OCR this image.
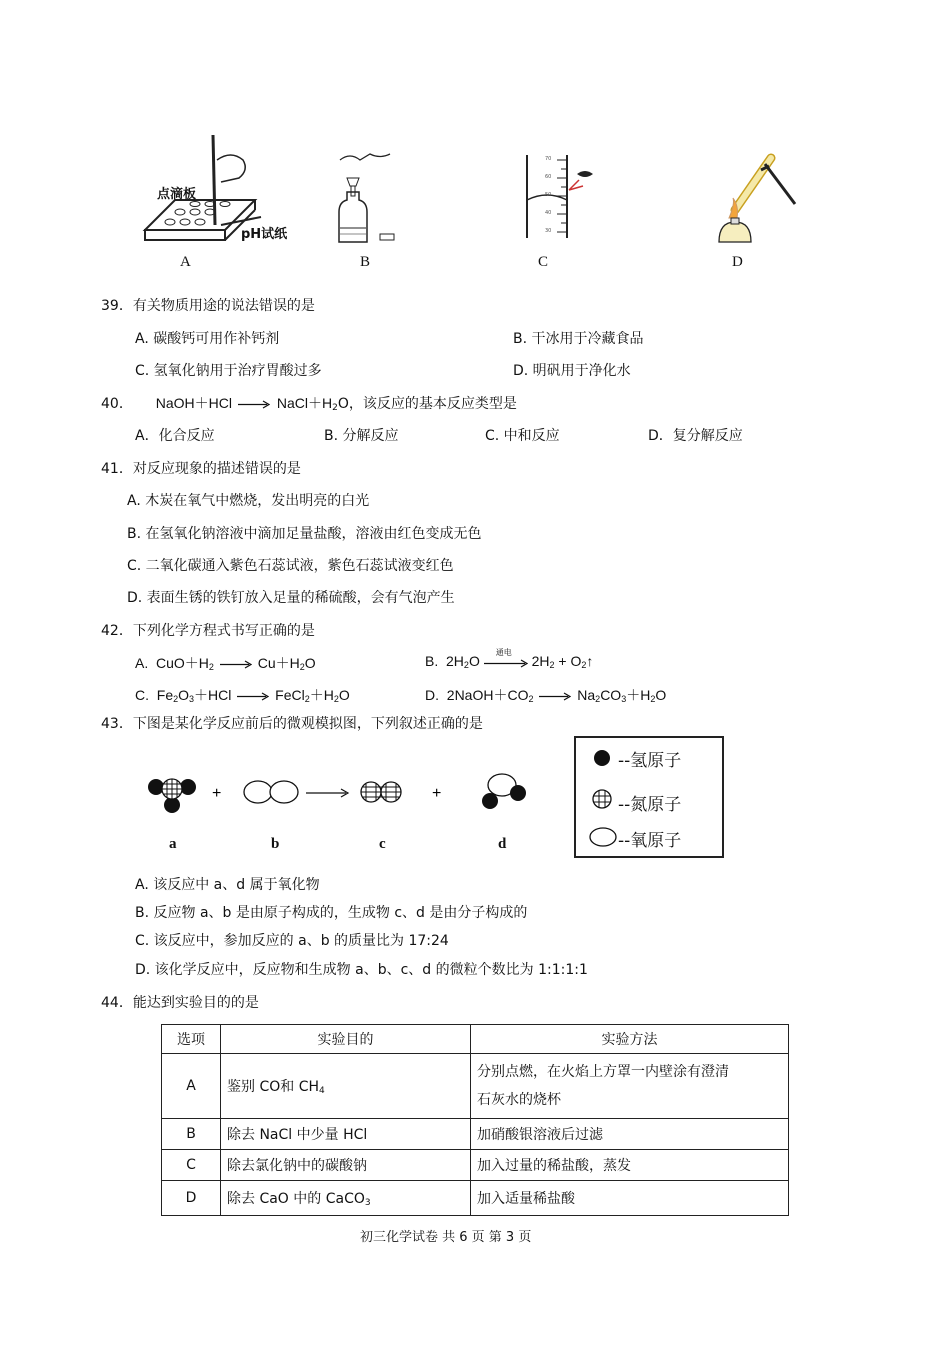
点滴板
pH试纸
70
60
50
40
30
A	B	C	D
39．有关物质用途的说法错误的是
A. 碳酸钙可用作补钙剂	B. 干冰用于冷藏食品
C. 氢氧化钠用于治疗胃酸过多	D. 明矾用于净化水
40． NaOH＋HCl	$NaCl+H_2O$，该反应的基本反应类型是
A．化合反应	B. 分解反应	C. 中和反应	D．复分解反应
41．对反应现象的描述错误的是
A. 木炭在氧气中燃烧，发出明亮的白光
B. 在氢氧化钠溶液中滴加足量盐酸，溶液由红色变成无色
C. 二氧化碳通入紫色石蕊试液，紫色石蕊试液变红色
D. 表面生锈的铁钉放入足量的稀硫酸，会有气泡产生
42．下列化学方程式书写正确的是
A. $CuO+H_2$	$Cu+H_2O$	B. $2H_2O$
通电
$2H_2$ + $O_2↑$
C. $Fe_2O_3+HCl$	$FeCl_2+H_2O$	D. $2NaOH+CO_2$	$Na_2CO_3+H_2O$
43．下图是某化学反应前后的微观模拟图，下列叙述正确的是
+	+
a	b	c	d
--氢原子
--氮原子
--氧原子
A. 该反应中 a、d 属于氧化物
B. 反应物 a、b 是由原子构成的，生成物 c、d 是由分子构成的
C. 该反应中，参加反应的 a、b 的质量比为 17:24
D. 该化学反应中，反应物和生成物 a、b、c、d 的微粒个数比为 1:1:1:1
44．能达到实验目的的是
选项	实验目的	实验方法
A	鉴别 CO和 $CH_4$	分别点燃，在火焰上方罩一内壁涂有澄清
石灰水的烧杯

B	除去 NaCl 中少量 HCl	加硝酸银溶液后过滤
C	除去氯化钠中的碳酸钠	加入过量的稀盐酸，蒸发
D	除去 CaO 中的 CaCO$_3$	加入适量稀盐酸
初三化学试卷 共 6 页 第 3 页
